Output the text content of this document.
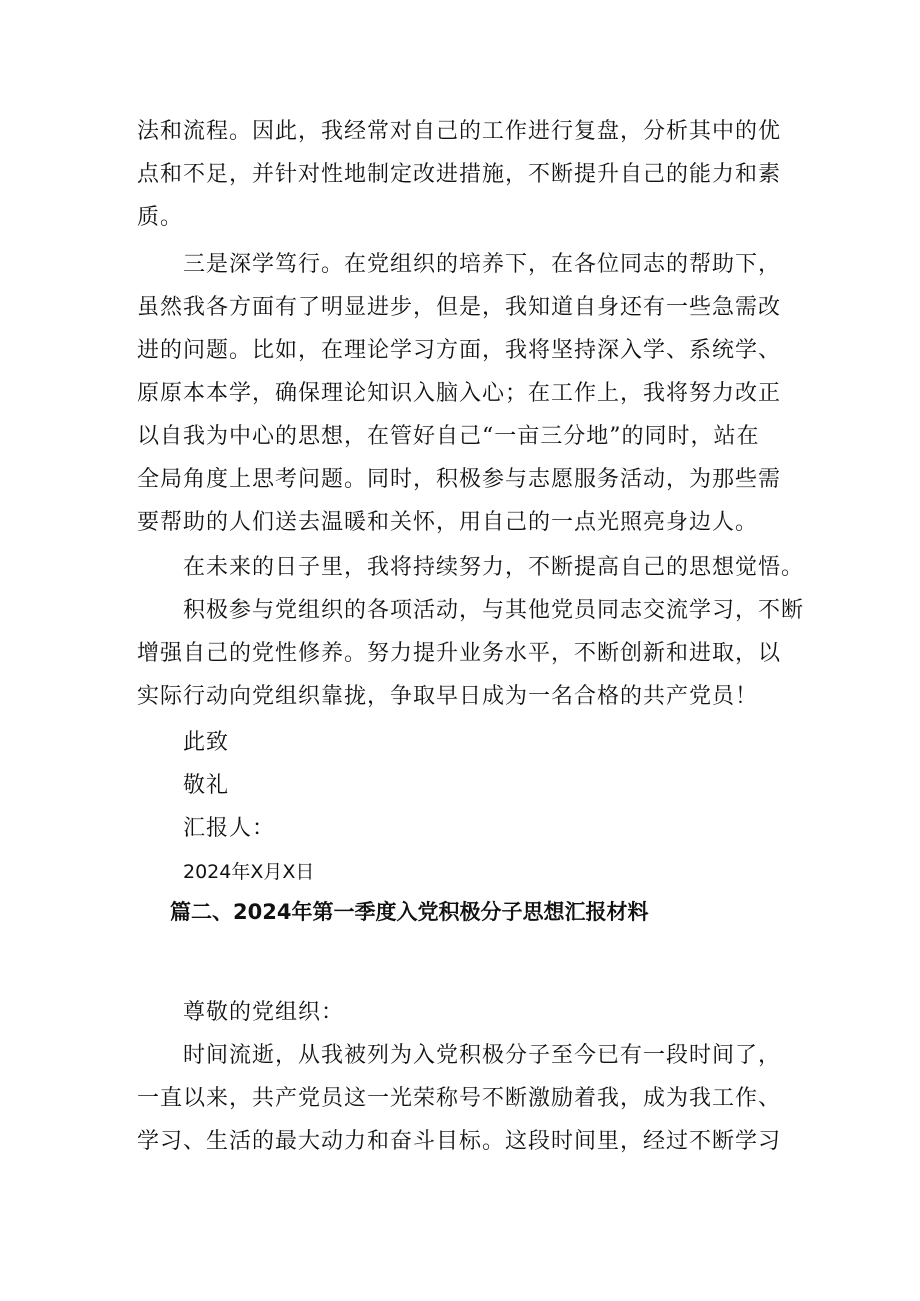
法和流程。因此，我经常对自己的工作进行复盘，分析其中的优
点和不足，并针对性地制定改进措施，不断提升自己的能力和素
质。
三是深学笃行。在党组织的培养下，在各位同志的帮助下，
虽然我各方面有了明显进步，但是，我知道自身还有一些急需改
进的问题。比如，在理论学习方面，我将坚持深入学、系统学、
原原本本学，确保理论知识入脑入心；在工作上，我将努力改正
以自我为中心的思想，在管好自己“一亩三分地”的同时，站在
全局角度上思考问题。同时，积极参与志愿服务活动，为那些需
要帮助的人们送去温暖和关怀，用自己的一点光照亮身边人。
在未来的日子里，我将持续努力，不断提高自己的思想觉悟。
积极参与党组织的各项活动，与其他党员同志交流学习，不断
增强自己的党性修养。努力提升业务水平，不断创新和进取，以
实际行动向党组织靠拢，争取早日成为一名合格的共产党员！
此致
敬礼
汇报人：
2024年X月X日
篇二、2024年第一季度入党积极分子思想汇报材料
尊敬的党组织：
时间流逝，从我被列为入党积极分子至今已有一段时间了，
一直以来，共产党员这一光荣称号不断激励着我，成为我工作、
学习、生活的最大动力和奋斗目标。这段时间里，经过不断学习
